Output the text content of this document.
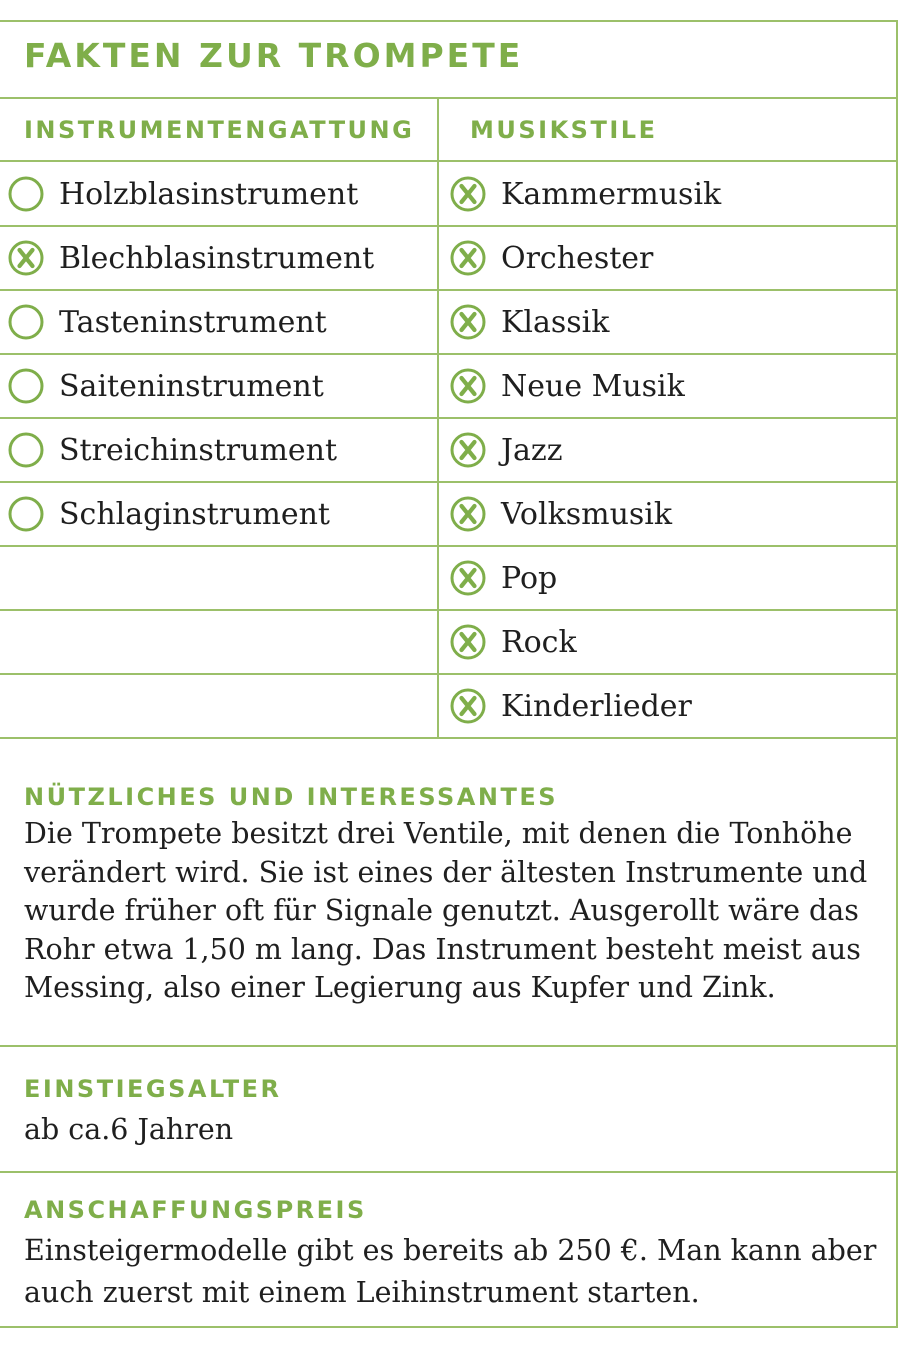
FAKTEN ZUR TROMPETE
INSTRUMENTENGATTUNG MUSIKSTILE
Holzblasinstrument
Blechblasinstrument
Tasteninstrument
Saiteninstrument
Streichinstrument
Schlaginstrument
Kammermusik
Orchester
Klassik
Neue Musik
Jazz
Volksmusik
Pop
Rock
Kinderlieder
NÜTZLICHES UND INTERESSANTES
Die Trompete besitzt drei Ventile, mit denen die Tonhöhe
verändert wird. Sie ist eines der ältesten Instrumente und
wurde früher oft für Signale genutzt. Ausgerollt wäre das
Rohr etwa 1,50 m lang. Das Instrument besteht meist aus
Messing, also einer Legierung aus Kupfer und Zink.
EINSTIEGSALTER
ab ca.6 Jahren
ANSCHAFFUNGSPREIS
Einsteigermodelle gibt es bereits ab 250 €. Man kann aber
auch zuerst mit einem Leihinstrument starten.
